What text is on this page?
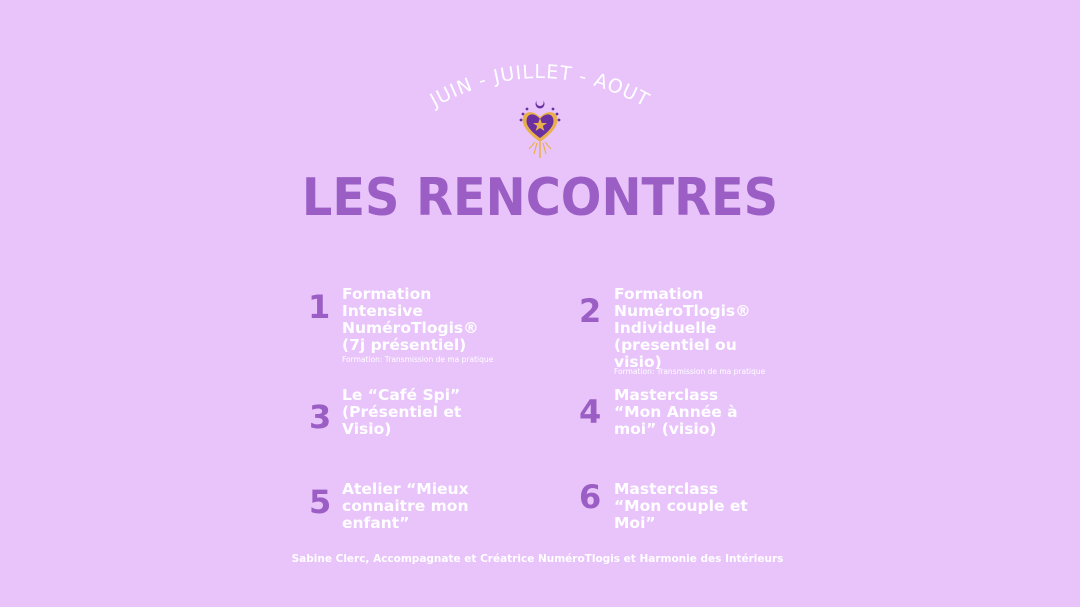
JUIN - JUILLET - AOUT
LES RENCONTRES
1 Formation
Intensive
NuméroTlogis®
(7j présentiel)
Formation: Transmission de ma pratique
2 Formation
NuméroTlogis®
Individuelle
(presentiel ou
visio)
Formation: Transmission de ma pratique
3
Le “Café Spi”
(Présentiel et
Visio)	4 Masterclass
“Mon Année à
moi” (visio)
5 Atelier “Mieux
connaitre mon
enfant”
6 Masterclass
“Mon couple et
Moi”
Sabine Clerc, Accompagnate et Créatrice NuméroTlogis et Harmonie des Intérieurs
